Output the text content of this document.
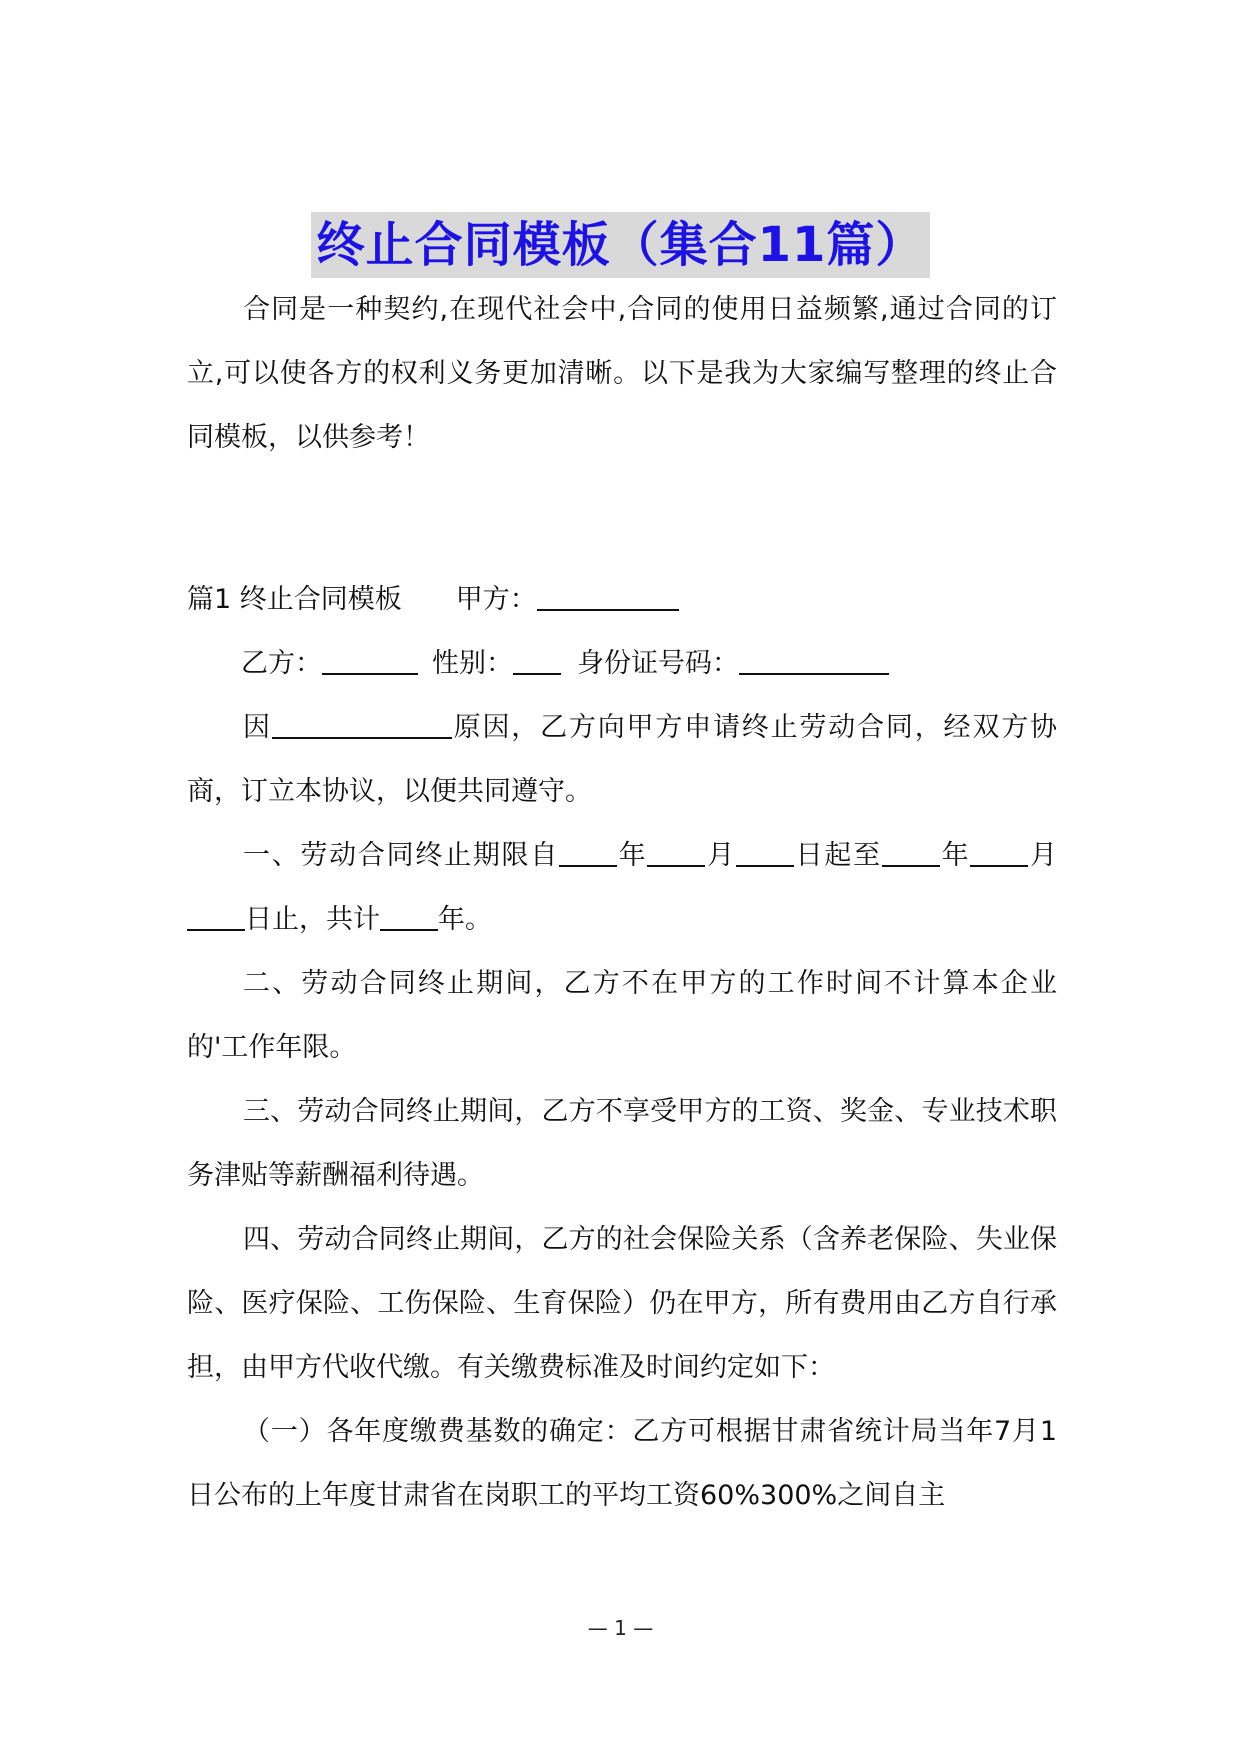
终止合同模板（集合11篇）

合同是一种契约,在现代社会中,合同的使用日益频繁,通过合同的订立,可以使各方的权利义务更加清晰。以下是我为大家编写整理的终止合同模板，以供参考！

篇1 终止合同模板 甲方：
乙方：	性别： 身份证号码：

因	原因，乙方向甲方申请终止劳动合同，经双方协商，订立本协议，以便共同遵守。

一、劳动合同终止期限自 年 月 日起至 年 月日止，共计 年。

二、劳动合同终止期间，乙方不在甲方的工作时间不计算本企业的'工作年限。

三、劳动合同终止期间，乙方不享受甲方的工资、奖金、专业技术职务津贴等薪酬福利待遇。

四、劳动合同终止期间，乙方的社会保险关系（含养老保险、失业保险、医疗保险、工伤保险、生育保险）仍在甲方，所有费用由乙方自行承担，由甲方代收代缴。有关缴费标准及时间约定如下：

（一）各年度缴费基数的确定：乙方可根据甘肃省统计局当年7月1日公布的上年度甘肃省在岗职工的平均工资60%300%之间自主

— 1 —
